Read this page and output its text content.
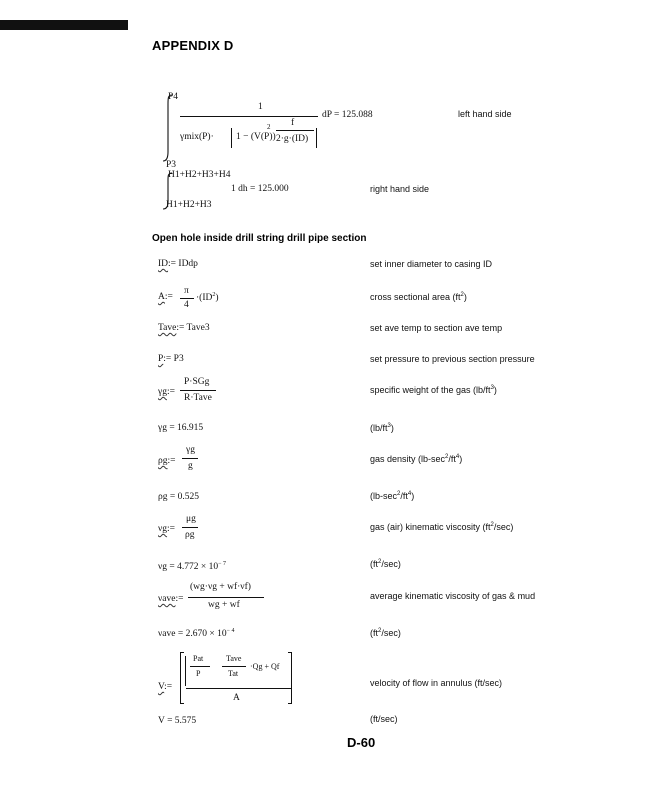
APPENDIX D
P4
P3
1
γmix(P)· 1 − (V(P))
2 f
2·g·(ID)
dP = 125.088	left hand side
H1+H2+H3+H4
H1+H2+H3
1 dh = 125.000	right hand side
Open hole inside drill string drill pipe section
ID:= IDdp	set inner diameter to casing ID
A:=
π
4
$\cdot(ID^2)$	cross sectional area $(ft^2)$
Tave:= Tave3	set ave temp to section ave temp
P:= P3	set pressure to previous section pressure
γg:=
P·SGg
R·Tave
specific weight of the gas $(lb/ft^3)$
γg = 16.915	$(lb/ft^3)$
ρg:=
γg
g
gas density $(lb-\sec^2/ft^4)$
ρg = 0.525	$(lb-\sec^2/ft^4)$
νg:=
μg
ρg
gas (air) kinematic viscosity $(ft^2/\sec)$
$\nu g = 4.772 \times 10^{- 7}$	$(ft^2/\sec)$
νave:=
(wg·νg + wf·νf)
wg + wf
average kinematic viscosity of gas & mud
$\nu ave = 2.670 \times 10^{- 4}$	$(ft^2/\sec)$
V:=
Pat
P
Tave
Tat
·Qg + Qf
A
velocity of flow in annulus (ft/sec)
V = 5.575	(ft/sec)
D-60
